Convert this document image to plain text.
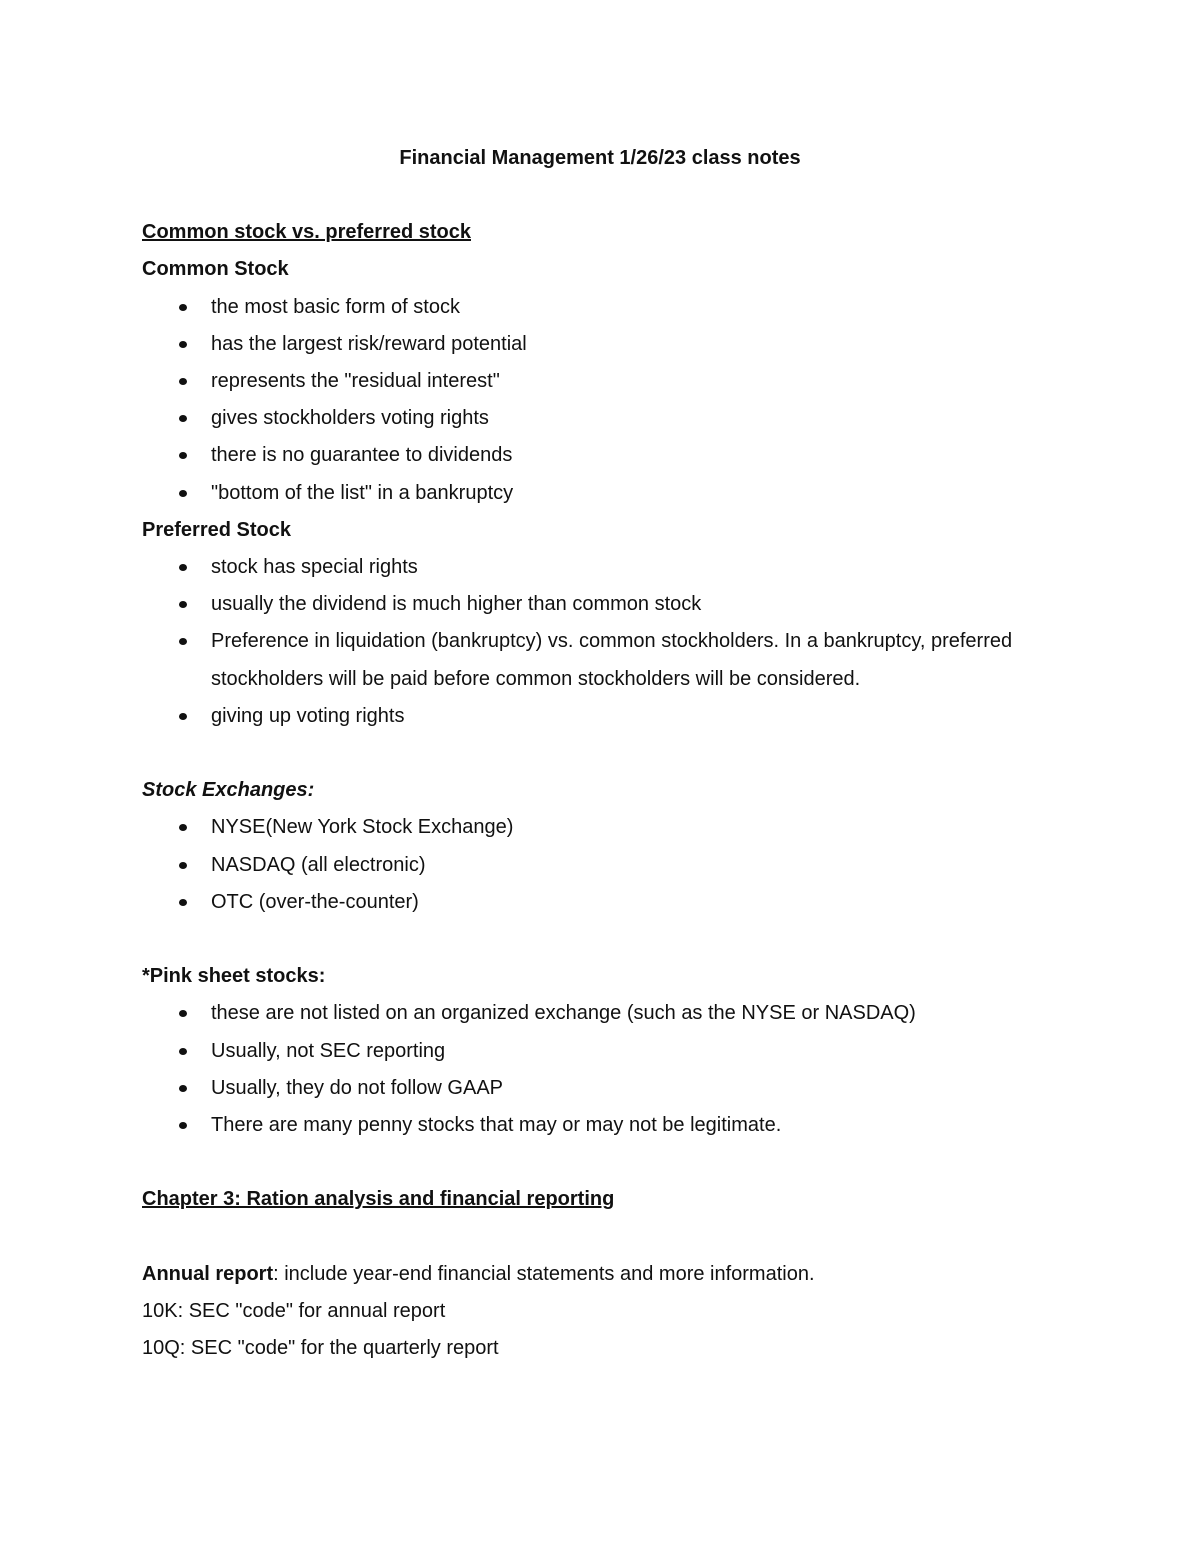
Financial Management 1/26/23 class notes
Common stock vs. preferred stock
Common Stock
the most basic form of stock
has the largest risk/reward potential
represents the "residual interest"
gives stockholders voting rights
there is no guarantee to dividends
"bottom of the list" in a bankruptcy
Preferred Stock
stock has special rights
usually the dividend is much higher than common stock
Preference in liquidation (bankruptcy) vs. common stockholders. In a bankruptcy, preferred stockholders will be paid before common stockholders will be considered.
giving up voting rights
Stock Exchanges:
NYSE(New York Stock Exchange)
NASDAQ (all electronic)
OTC (over-the-counter)
*Pink sheet stocks:
these are not listed on an organized exchange (such as the NYSE or NASDAQ)
Usually, not SEC reporting
Usually, they do not follow GAAP
There are many penny stocks that may or may not be legitimate.
Chapter 3: Ration analysis and financial reporting
Annual report: include year-end financial statements and more information.
10K: SEC "code" for annual report
10Q: SEC "code" for the quarterly report
